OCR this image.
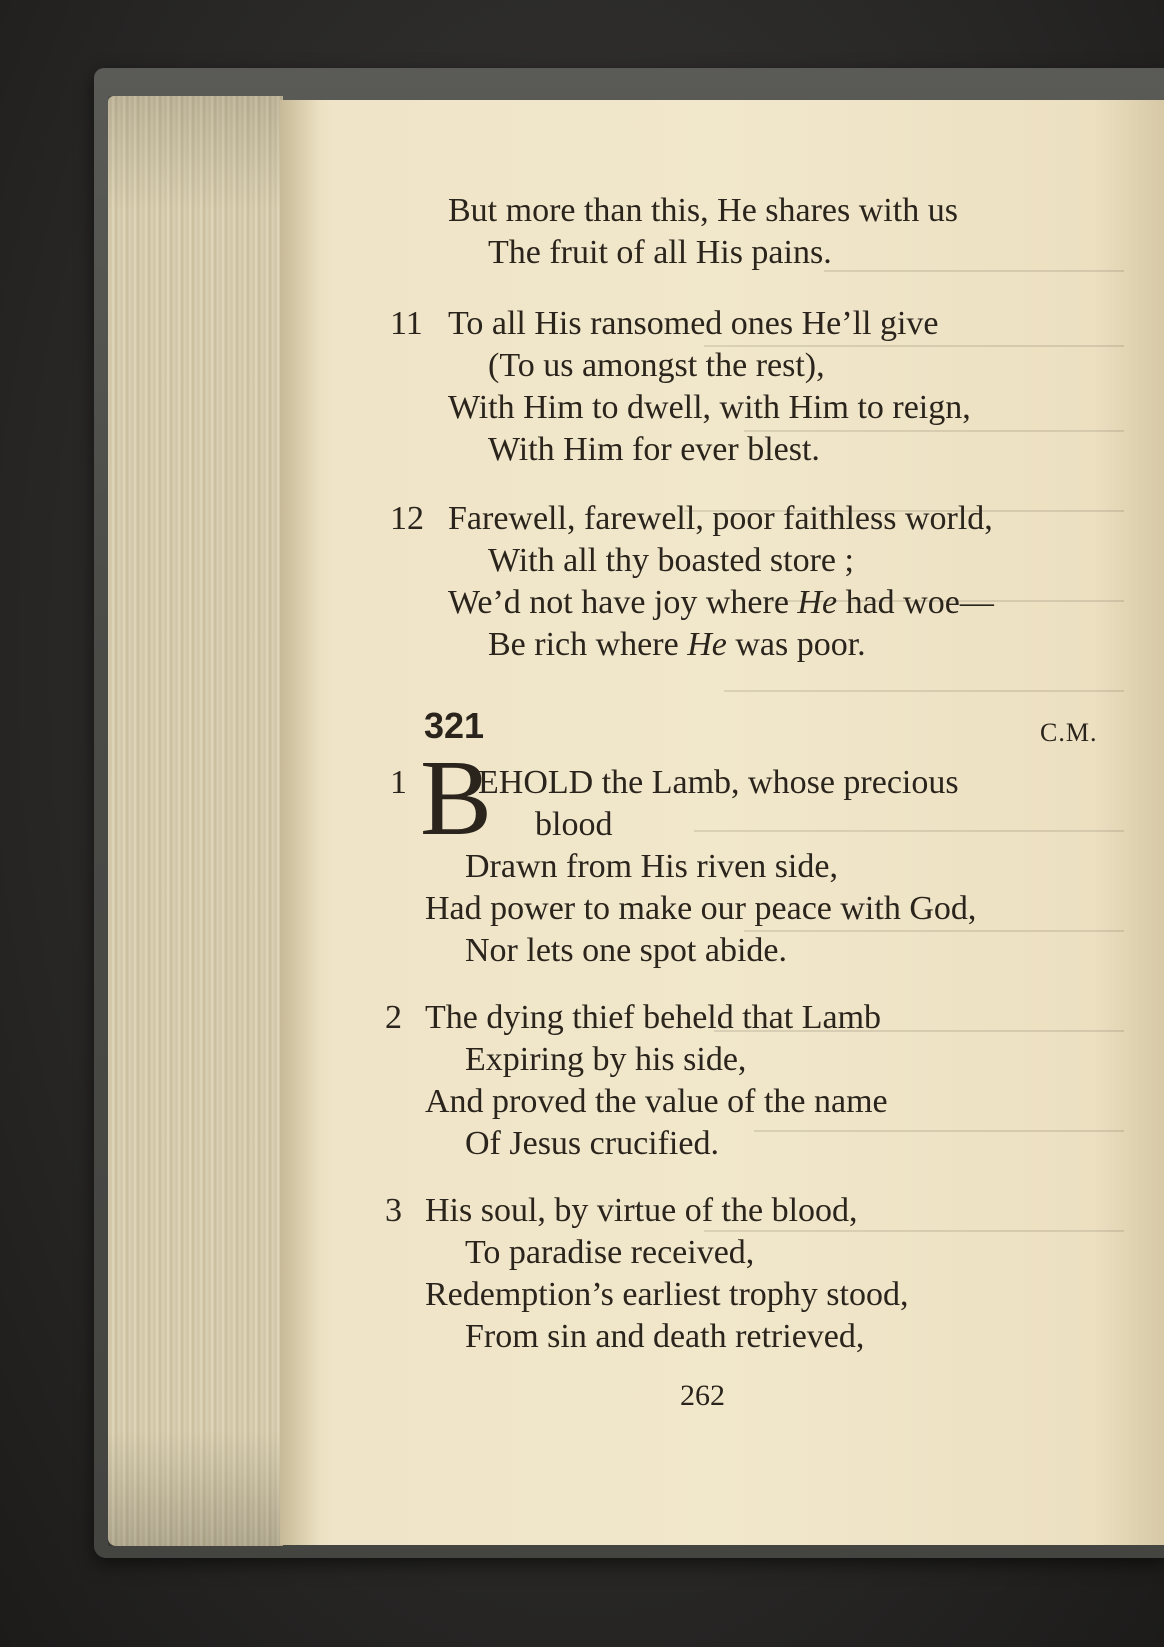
But more than this, He shares with us
The fruit of all His pains.
11 To all His ransomed ones He’ll give
(To us amongst the rest),
With Him to dwell, with Him to reign,
With Him for ever blest.
12 Farewell, farewell, poor faithless world,
With all thy boasted store ;
We’d not have joy where He had woe—
Be rich where He was poor.
321	C.M.
1 B
EHOLD the Lamb, whose precious
blood
Drawn from His riven side,
Had power to make our peace with God,
Nor lets one spot abide.
2 The dying thief beheld that Lamb
Expiring by his side,
And proved the value of the name
Of Jesus crucified.
3 His soul, by virtue of the blood,
To paradise received,
Redemption’s earliest trophy stood,
From sin and death retrieved,
262
